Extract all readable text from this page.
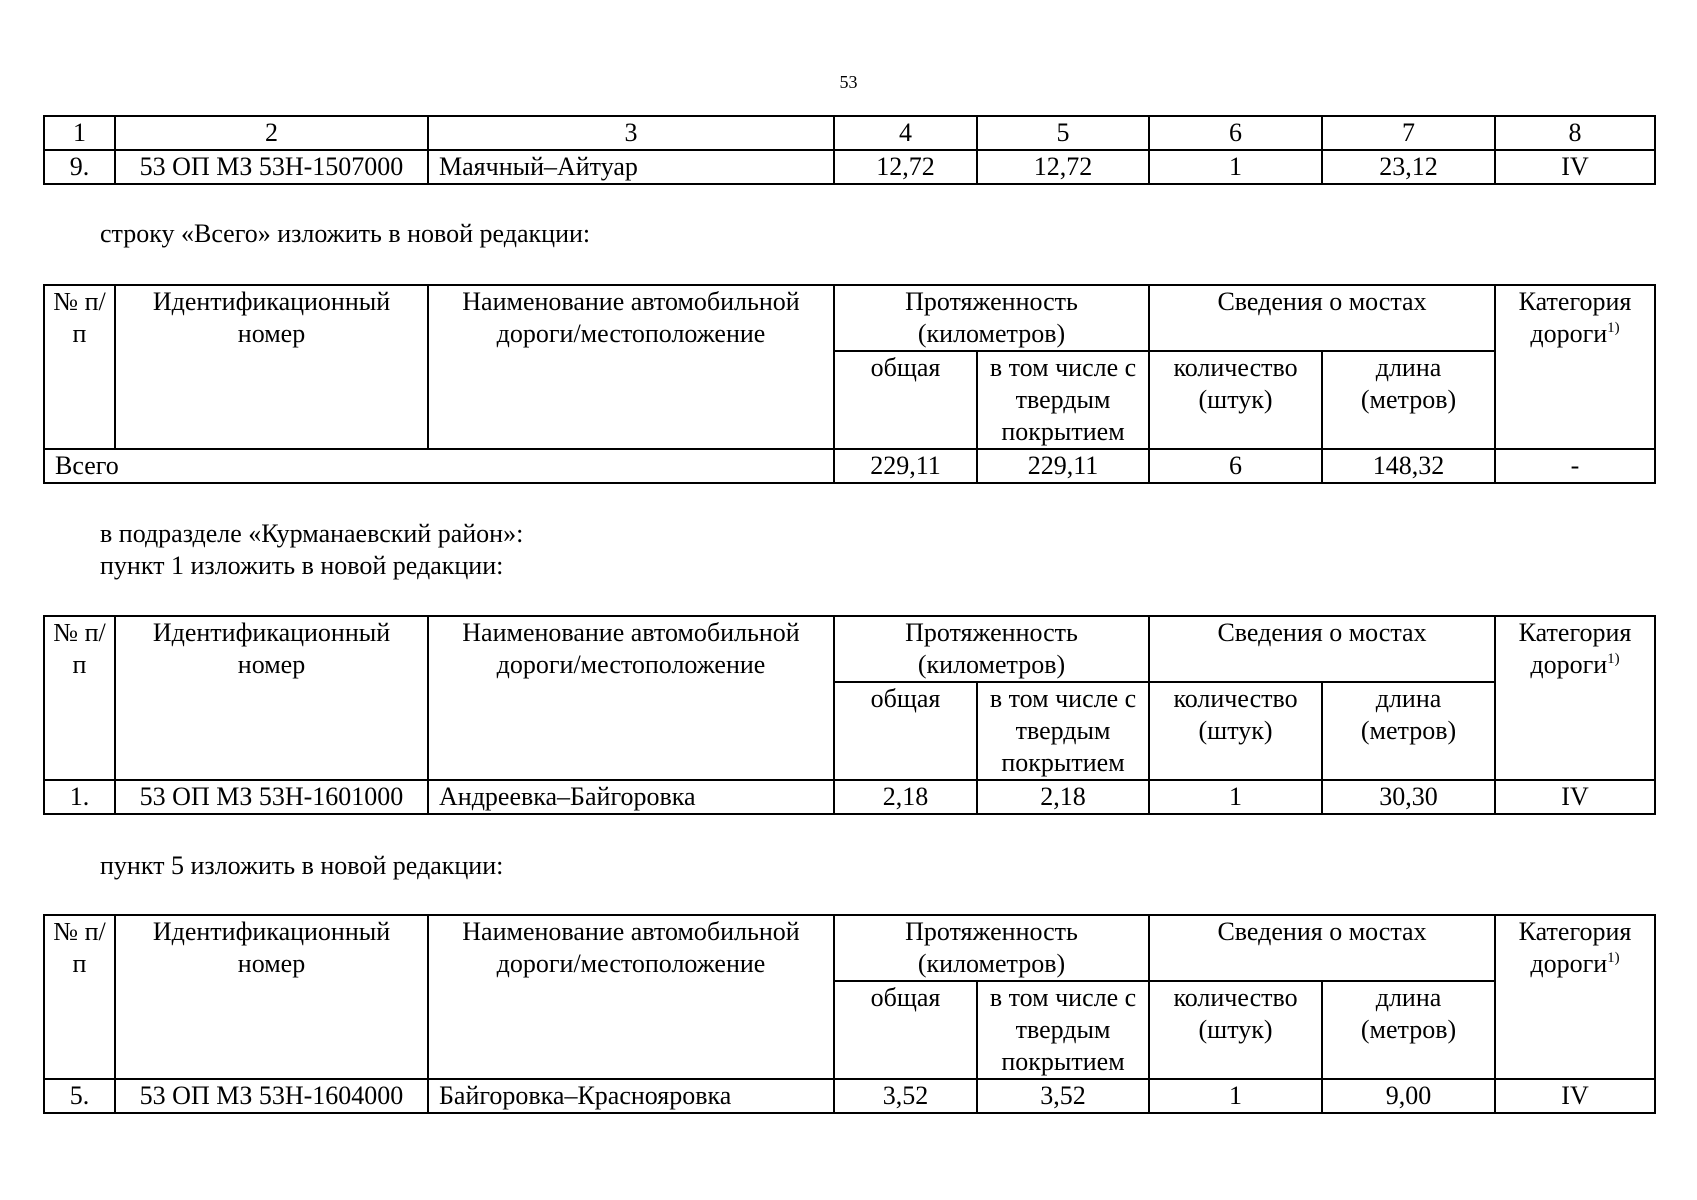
53
1	2	3	4	5	6	7	8
9.	53 ОП МЗ 53Н-1507000	Маячный–Айтуар	12,72	12,72	1	23,12	IV
строку «Всего» изложить в новой редакции:
№ п/п	Идентификационный номер	Наименование автомобильной дороги/местоположение	Протяженность (километров)		Сведения о мостах		Категория дороги$^{1)}$
			общая	в том числе с твердым покрытием	количество (штук)	длина (метров)	
Всего			229,11	229,11	6	148,32	-
в подразделе «Курманаевский район»:
пункт 1 изложить в новой редакции:
№ п/п	Идентификационный номер	Наименование автомобильной дороги/местоположение	Протяженность (километров)		Сведения о мостах		Категория дороги$^{1)}$
			общая	в том числе с твердым покрытием	количество (штук)	длина (метров)	
1.	53 ОП МЗ 53Н-1601000	Андреевка–Байгоровка	2,18	2,18	1	30,30	IV
пункт 5 изложить в новой редакции:
№ п/п	Идентификационный номер	Наименование автомобильной дороги/местоположение	Протяженность (километров)		Сведения о мостах		Категория дороги$^{1)}$
			общая	в том числе с твердым покрытием	количество (штук)	длина (метров)	
5.	53 ОП МЗ 53Н-1604000	Байгоровка–Краснояровка	3,52	3,52	1	9,00	IV
